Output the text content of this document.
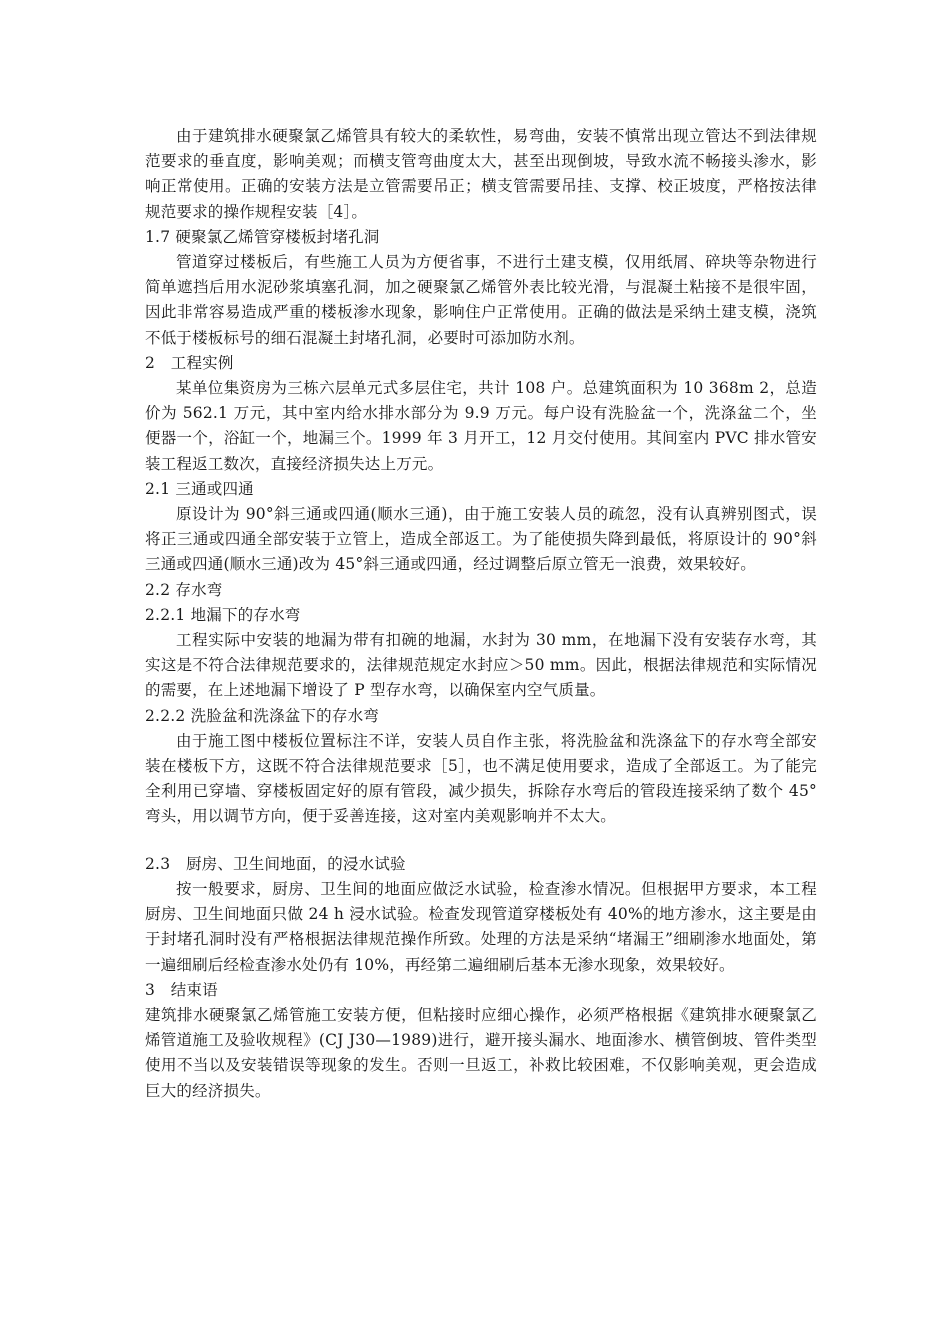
由于建筑排水硬聚氯乙烯管具有较大的柔软性，易弯曲，安装不慎常出现立管达不到法律规范要求的垂直度，影响美观；而横支管弯曲度太大，甚至出现倒坡，导致水流不畅接头渗水，影响正常使用。正确的安装方法是立管需要吊正；横支管需要吊挂、支撑、校正坡度，严格按法律规范要求的操作规程安装［4］。

1.7 硬聚氯乙烯管穿楼板封堵孔洞

管道穿过楼板后，有些施工人员为方便省事，不进行土建支模，仅用纸屑、碎块等杂物进行简单遮挡后用水泥砂浆填塞孔洞，加之硬聚氯乙烯管外表比较光滑，与混凝土粘接不是很牢固，因此非常容易造成严重的楼板渗水现象，影响住户正常使用。正确的做法是采纳土建支模，浇筑不低于楼板标号的细石混凝土封堵孔洞，必要时可添加防水剂。

2　工程实例

某单位集资房为三栋六层单元式多层住宅，共计 108 户。总建筑面积为 10 368m 2，总造价为 562.1 万元，其中室内给水排水部分为 9.9 万元。每户设有洗脸盆一个，洗涤盆二个，坐便器一个，浴缸一个，地漏三个。1999 年 3 月开工，12 月交付使用。其间室内 PVC 排水管安装工程返工数次，直接经济损失达上万元。

2.1 三通或四通

原设计为 90°斜三通或四通(顺水三通)，由于施工安装人员的疏忽，没有认真辨别图式，误将正三通或四通全部安装于立管上，造成全部返工。为了能使损失降到最低，将原设计的 90°斜三通或四通(顺水三通)改为 45°斜三通或四通，经过调整后原立管无一浪费，效果较好。

2.2 存水弯

2.2.1 地漏下的存水弯

工程实际中安装的地漏为带有扣碗的地漏，水封为 30 mm，在地漏下没有安装存水弯，其实这是不符合法律规范要求的，法律规范规定水封应＞50 mm。因此，根据法律规范和实际情况的需要，在上述地漏下增设了 P 型存水弯，以确保室内空气质量。

2.2.2 洗脸盆和洗涤盆下的存水弯

由于施工图中楼板位置标注不详，安装人员自作主张，将洗脸盆和洗涤盆下的存水弯全部安装在楼板下方，这既不符合法律规范要求［5］，也不满足使用要求，造成了全部返工。为了能完全利用已穿墙、穿楼板固定好的原有管段，减少损失，拆除存水弯后的管段连接采纳了数个 45°弯头，用以调节方向，便于妥善连接，这对室内美观影响并不太大。

2.3　厨房、卫生间地面，的浸水试验

按一般要求，厨房、卫生间的地面应做泛水试验，检查渗水情况。但根据甲方要求，本工程厨房、卫生间地面只做 24 h 浸水试验。检查发现管道穿楼板处有 40%的地方渗水，这主要是由于封堵孔洞时没有严格根据法律规范操作所致。处理的方法是采纳“堵漏王”细刷渗水地面处，第一遍细刷后经检查渗水处仍有 10%，再经第二遍细刷后基本无渗水现象，效果较好。

3　结束语

建筑排水硬聚氯乙烯管施工安装方便，但粘接时应细心操作，必须严格根据《建筑排水硬聚氯乙烯管道施工及验收规程》(CJ J30—1989)进行，避开接头漏水、地面渗水、横管倒坡、管件类型使用不当以及安装错误等现象的发生。否则一旦返工，补救比较困难，不仅影响美观，更会造成巨大的经济损失。
